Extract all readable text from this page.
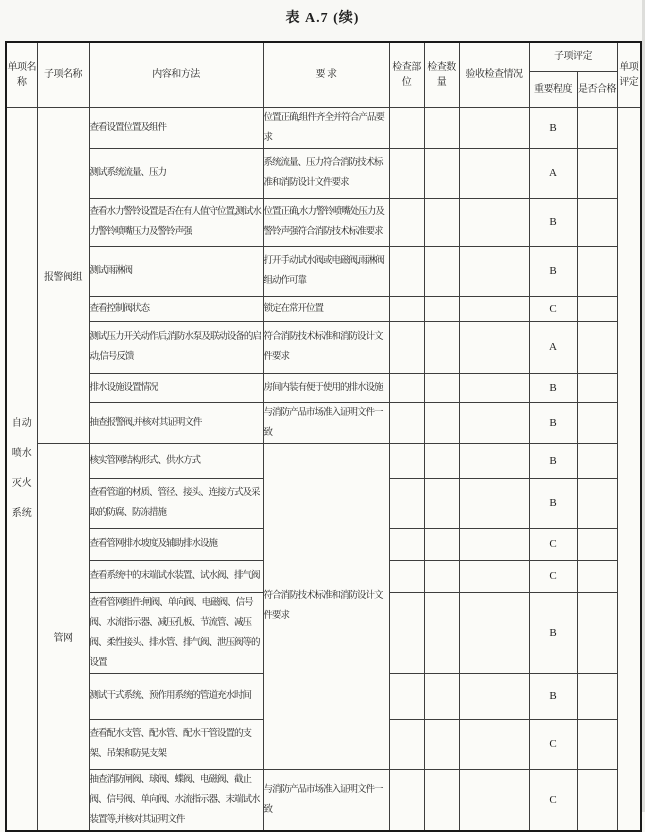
表 A.7 (续)
单项名称	子项名称	内容和方法	要 求	检查部位	检查数量	验收检查情况	子项评定		单项评定
							重要程度	是否合格	
自动喷水灭火系统	报警阀组	查看设置位置及组件	位置正确,组件齐全并符合产品要求				B		
		测试系统流量、压力	系统流量、压力符合消防技术标准和消防设计文件要求				A		
		查看水力警铃设置是否在有人值守位置,测试水力警铃喷嘴压力及警铃声强	位置正确,水力警铃喷嘴处压力及警铃声强符合消防技术标准要求				B		
		测试雨淋阀	打开手动试水阀或电磁阀,雨淋阀组动作可靠				B		
		查看控制阀状态	锁定在常开位置				C		
		测试压力开关动作后,消防水泵及联动设备的启动,信号反馈	符合消防技术标准和消防设计文件要求				A		
		排水设施设置情况	房间内装有便于使用的排水设施				B		
		抽查报警阀,并核对其证明文件	与消防产品市场准入证明文件一致				B		
	管网	核实管网结构形式、供水方式	符合消防技术标准和消防设计文件要求				B		
		查看管道的材质、管径、接头、连接方式及采取的防腐、防冻措施					B		
		查看管网排水坡度及辅助排水设施					C		
		查看系统中的末端试水装置、试水阀、排气阀					C		
		查看管网组件:闸阀、单向阀、电磁阀、信号阀、水流指示器、减压孔板、节流管、减压阀、柔性接头、排水管、排气阀、泄压阀等的设置					B		
		测试干式系统、预作用系统的管道充水时间					B		
		查看配水支管、配水管、配水干管设置的支架、吊架和防晃支架					C		
		抽查消防闸阀、球阀、蝶阀、电磁阀、截止阀、信号阀、单向阀、水流指示器、末端试水装置等,并核对其证明文件	与消防产品市场准入证明文件一致				C		
